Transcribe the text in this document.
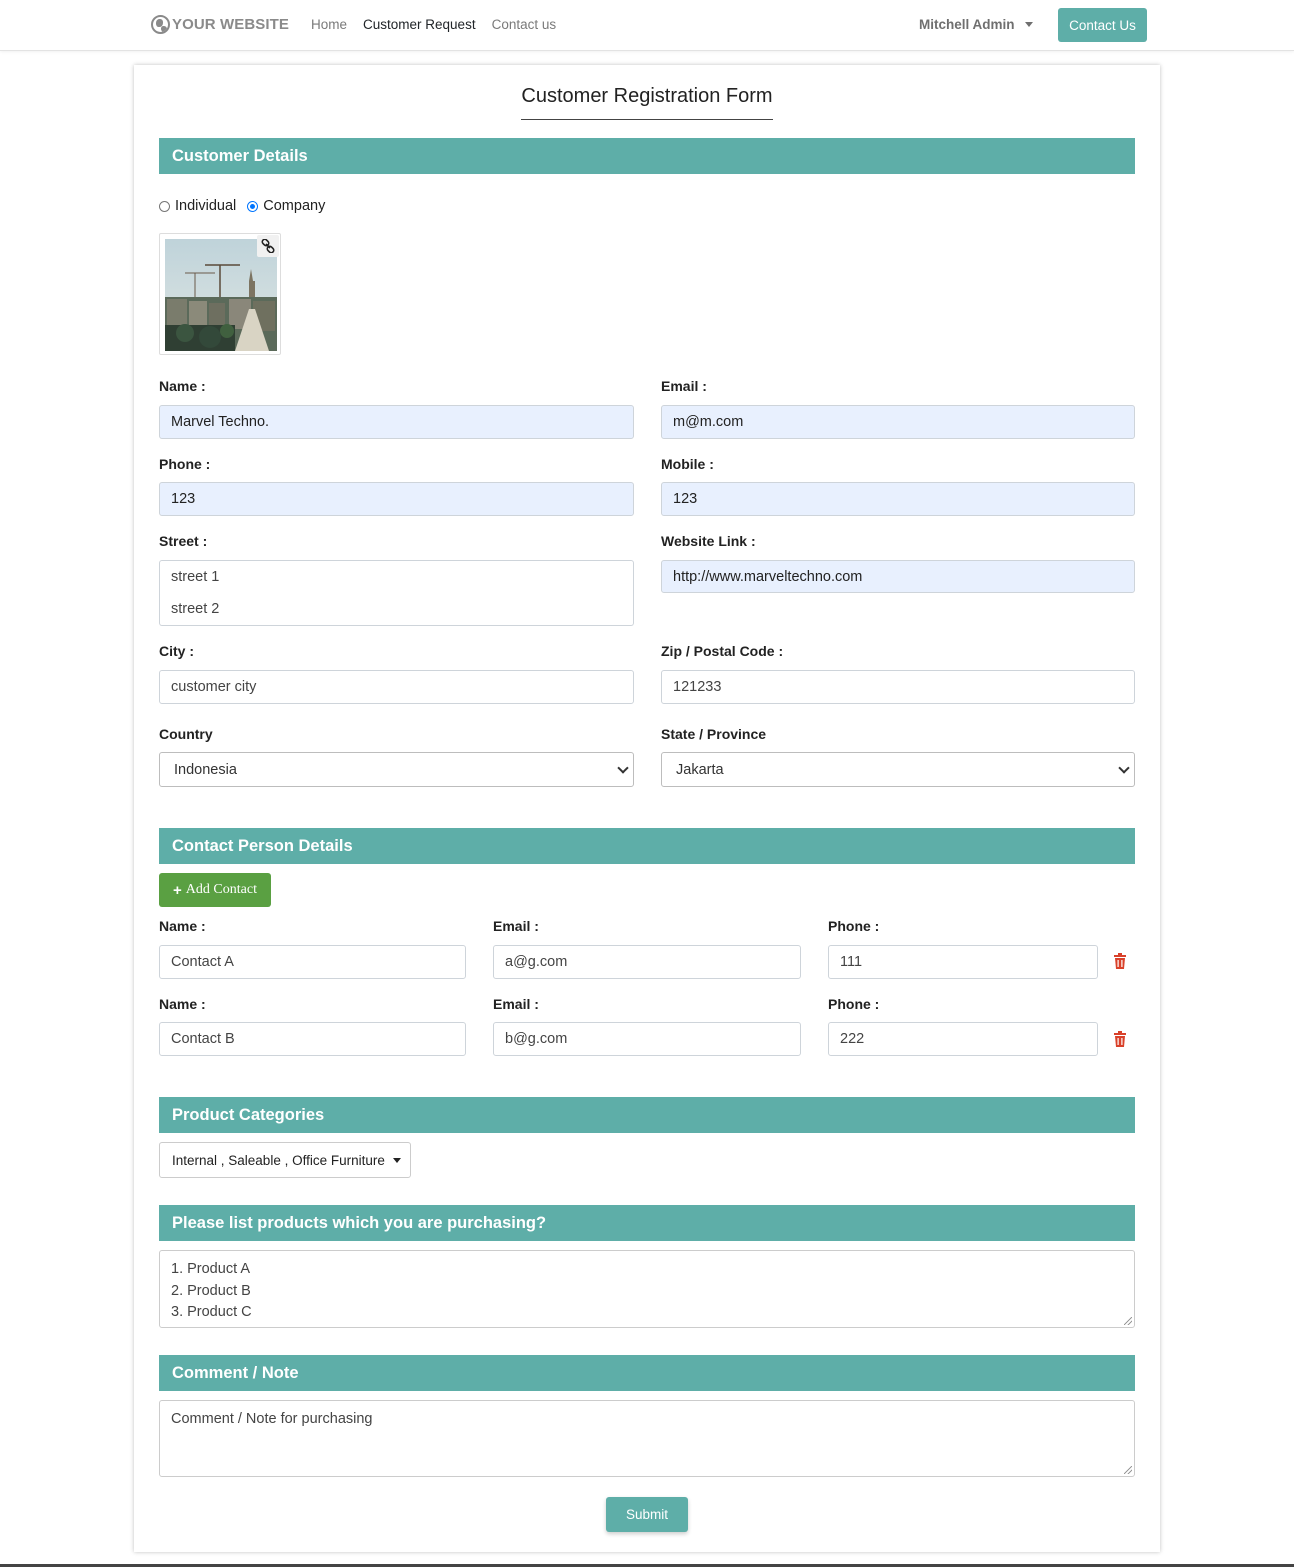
YOUR WEBSITE	Home	Customer Request	Contact us	Mitchell Admin	Contact Us
Customer Registration Form
Customer Details
Individual Company
Name :
Marvel Techno.
Email :
m@m.com
Phone :
123
Mobile :
123
Street :
street 1
street 2
Website Link :
http://www.marveltechno.com
City :
customer city
Zip / Postal Code :
121233
Country
Indonesia
State / Province
Jakarta
Contact Person Details
+ Add Contact
Name :	Email :	Phone :
Contact A	a@g.com	111
Name :	Email :	Phone :
Contact B	b@g.com	222
Product Categories
Internal , Saleable , Office Furniture
Please list products which you are purchasing?
1. Product A
2. Product B
3. Product C
Comment / Note
Comment / Note for purchasing
Submit
